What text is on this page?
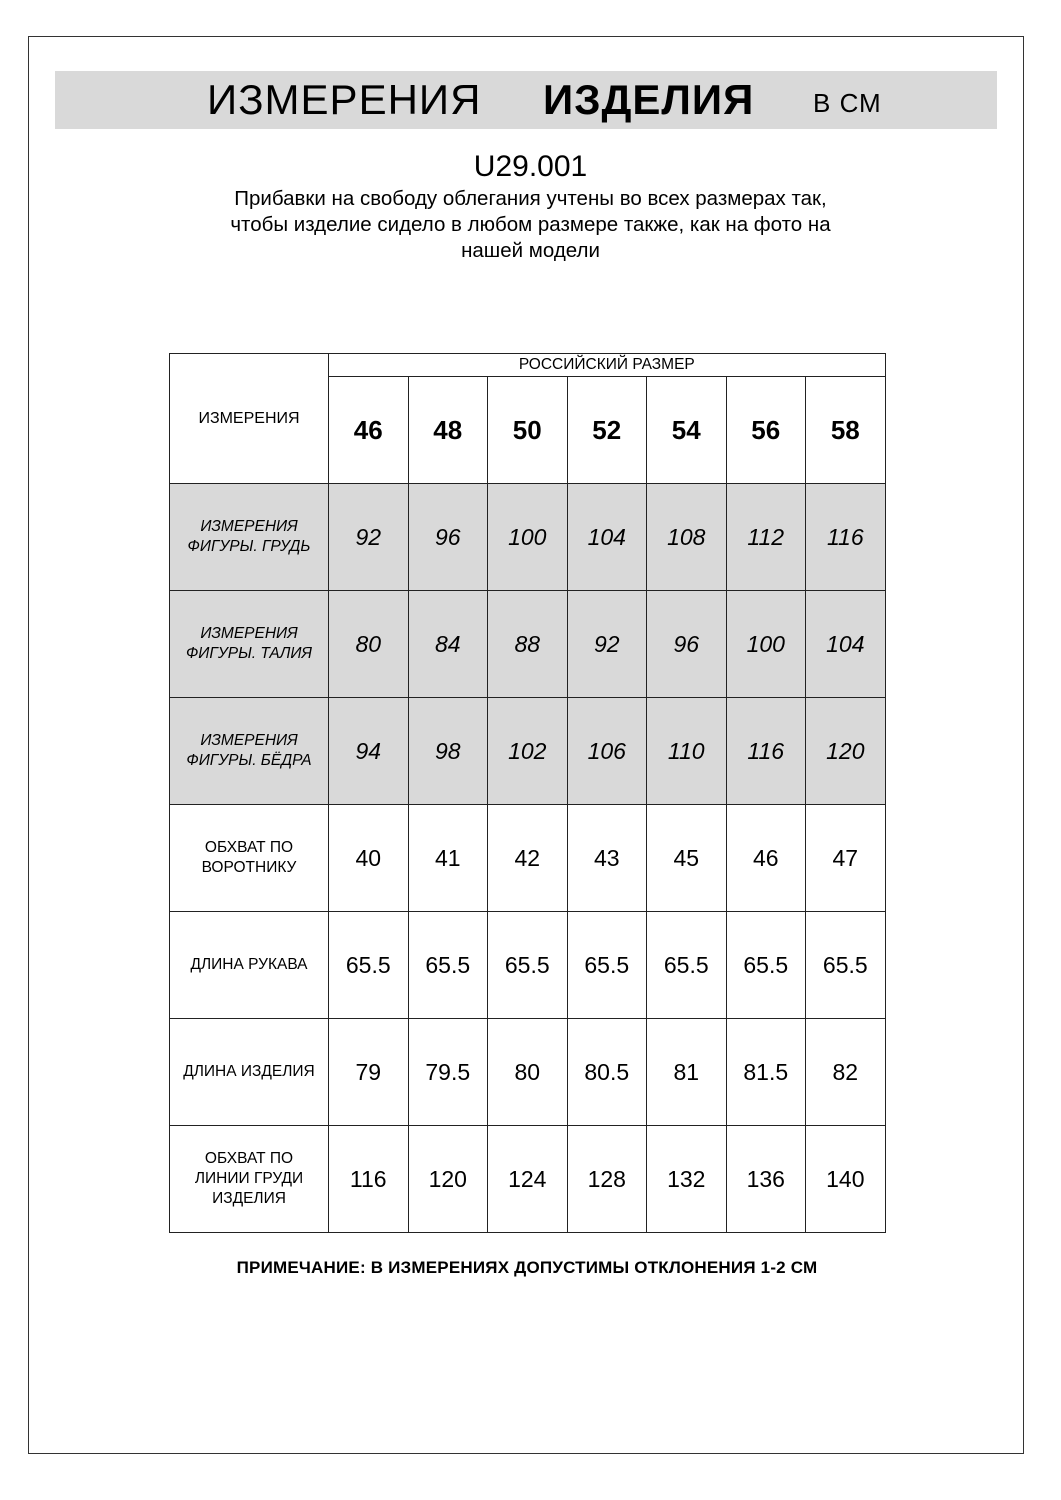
ИЗМЕРЕНИЯ ИЗДЕЛИЯ В СМ
U29.001
Прибавки на свободу облегания учтены во всех размерах так,
чтобы изделие сидело в любом размере также, как на фото на
нашей модели
ИЗМЕРЕНИЯ	РОССИЙСКИЙ РАЗМЕР						
	46	48	50	52	54	56	58

ИЗМЕРЕНИЯ
ФИГУРЫ. ГРУДЬ	92	96	100	104	108	112	116

ИЗМЕРЕНИЯ
ФИГУРЫ. ТАЛИЯ	80	84	88	92	96	100	104

ИЗМЕРЕНИЯ
ФИГУРЫ. БЁДРА	94	98	102	106	110	116	120

ОБХВАТ ПО
ВОРОТНИКУ	40	41	42	43	45	46	47

ДЛИНА РУКАВА	65.5	65.5	65.5	65.5	65.5	65.5	65.5

ДЛИНА ИЗДЕЛИЯ	79	79.5	80	80.5	81	81.5	82

ОБХВАТ ПО
ЛИНИИ ГРУДИ
ИЗДЕЛИЯ	116	120	124	128	132	136	140
ПРИМЕЧАНИЕ: В ИЗМЕРЕНИЯХ ДОПУСТИМЫ ОТКЛОНЕНИЯ 1-2 СМ
